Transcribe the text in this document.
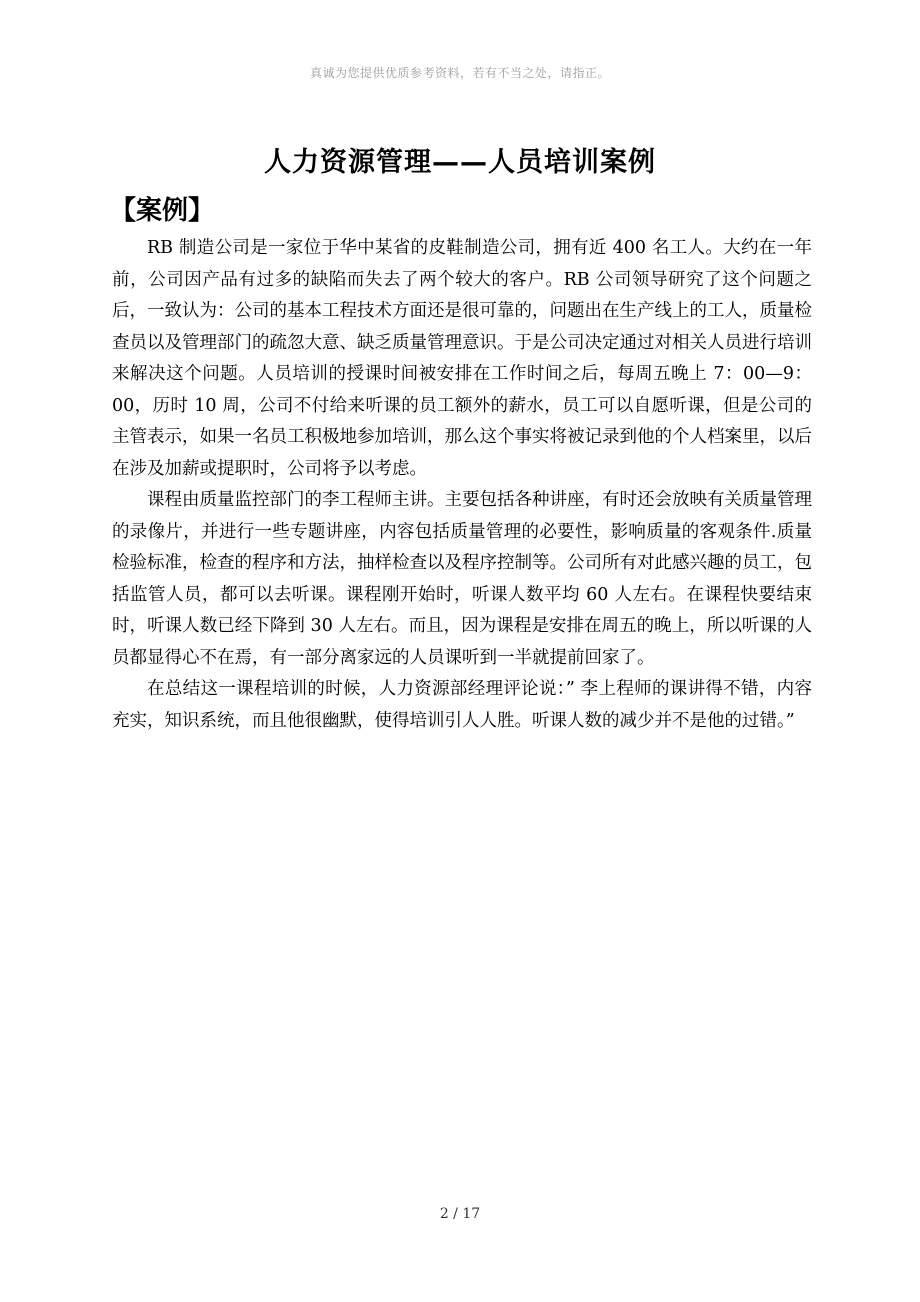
真诚为您提供优质参考资料，若有不当之处，请指正。
人力资源管理——人员培训案例
【案例】

RB 制造公司是一家位于华中某省的皮鞋制造公司，拥有近 400 名工人。大约在一年前，公司因产品有过多的缺陷而失去了两个较大的客户。RB 公司领导研究了这个问题之后，一致认为：公司的基本工程技术方面还是很可靠的，问题出在生产线上的工人，质量检查员以及管理部门的疏忽大意、缺乏质量管理意识。于是公司决定通过对相关人员进行培训来解决这个问题。人员培训的授课时间被安排在工作时间之后，每周五晚上 7：00—9：00，历时 10 周，公司不付给来听课的员工额外的薪水，员工可以自愿听课，但是公司的主管表示，如果一名员工积极地参加培训，那么这个事实将被记录到他的个人档案里，以后在涉及加薪或提职时，公司将予以考虑。

课程由质量监控部门的李工程师主讲。主要包括各种讲座，有时还会放映有关质量管理的录像片，并进行一些专题讲座，内容包括质量管理的必要性，影响质量的客观条件.质量检验标准，检查的程序和方法，抽样检查以及程序控制等。公司所有对此感兴趣的员工，包括监管人员，都可以去听课。课程刚开始时，听课人数平均 60 人左右。在课程快要结束时，听课人数已经下降到 30 人左右。而且，因为课程是安排在周五的晚上，所以听课的人员都显得心不在焉，有一部分离家远的人员课听到一半就提前回家了。

在总结这一课程培训的时候，人力资源部经理评论说：” 李上程师的课讲得不错，内容充实，知识系统，而且他很幽默，使得培训引人人胜。听课人数的减少并不是他的过错。”

2 / 17
